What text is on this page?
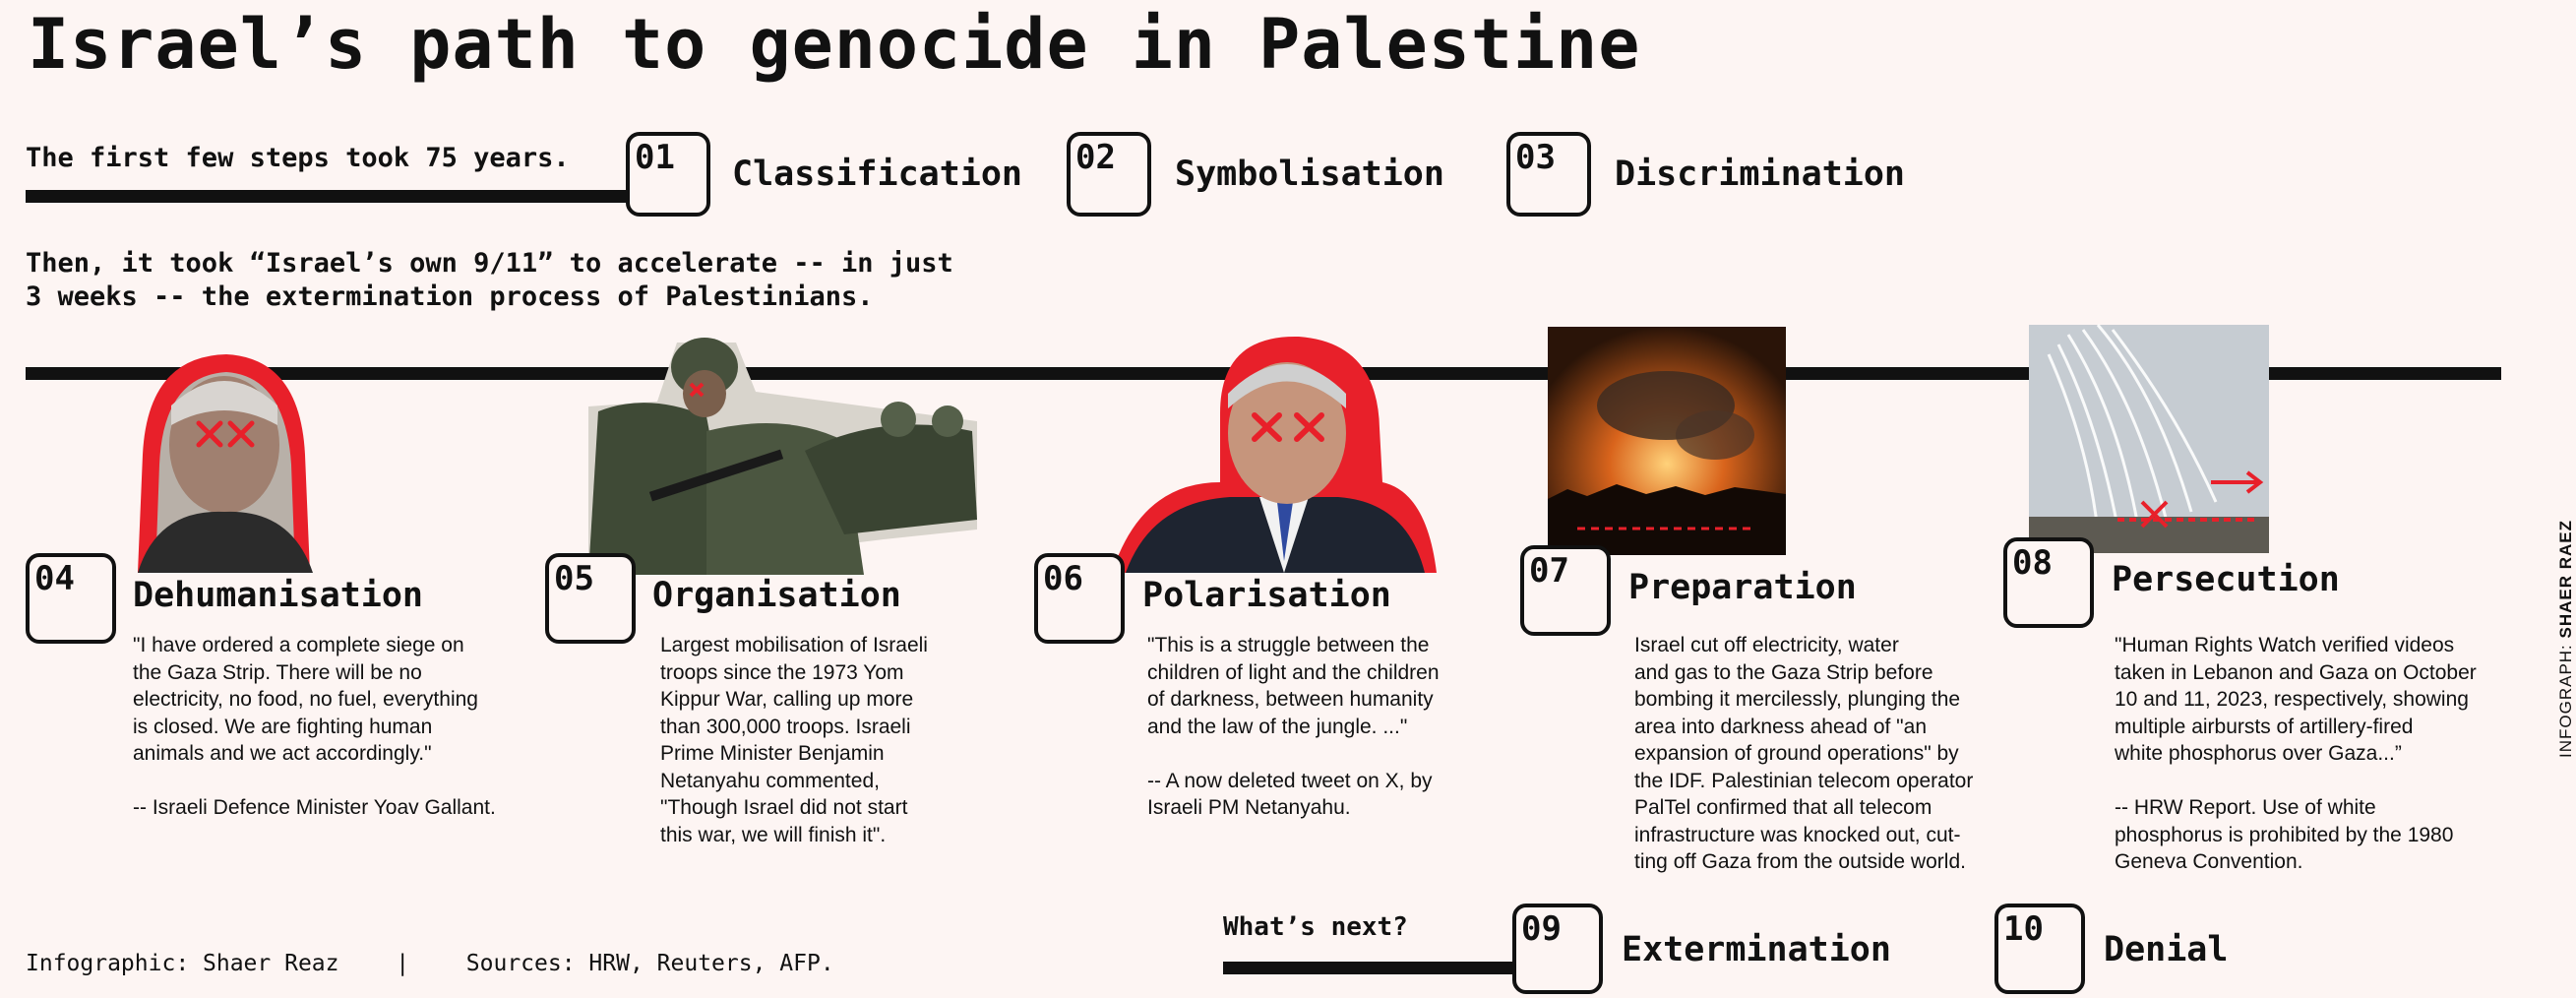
Israel’s path to genocide in Palestine
The first few steps took 75 years. 01 Classification 02 Symbolisation 03 Discrimination
Then, it took “Israel’s own 9/11” to accelerate -- in just
3 weeks -- the extermination process of Palestinians.
04 Dehumanisation
"I have ordered a complete siege on
the Gaza Strip. There will be no
electricity, no food, no fuel, everything
is closed. We are fighting human
animals and we act accordingly."

-- Israeli Defence Minister Yoav Gallant.
05 Organisation
Largest mobilisation of Israeli
troops since the 1973 Yom
Kippur War, calling up more
than 300,000 troops. Israeli
Prime Minister Benjamin
Netanyahu commented,
"Though Israel did not start
this war, we will finish it".
06 Polarisation
"This is a struggle between the
children of light and the children
of darkness, between humanity
and the law of the jungle. ..."

-- A now deleted tweet on X, by
Israeli PM Netanyahu.
07 Preparation
Israel cut off electricity, water
and gas to the Gaza Strip before
bombing it mercilessly, plunging the
area into darkness ahead of "an
expansion of ground operations" by
the IDF. Palestinian telecom operator
PalTel confirmed that all telecom
infrastructure was knocked out, cut-
ting off Gaza from the outside world.
08 Persecution
"Human Rights Watch verified videos
taken in Lebanon and Gaza on October
10 and 11, 2023, respectively, showing
multiple airbursts of artillery-fired
white phosphorus over Gaza...”

-- HRW Report. Use of white
phosphorus is prohibited by the 1980
Geneva Convention.
What’s next?	09
Extermination
10
Denial
Infographic: Shaer Reaz	|	Sources: HRW, Reuters, AFP.
INFOGRAPH: SHAER RAEZ
